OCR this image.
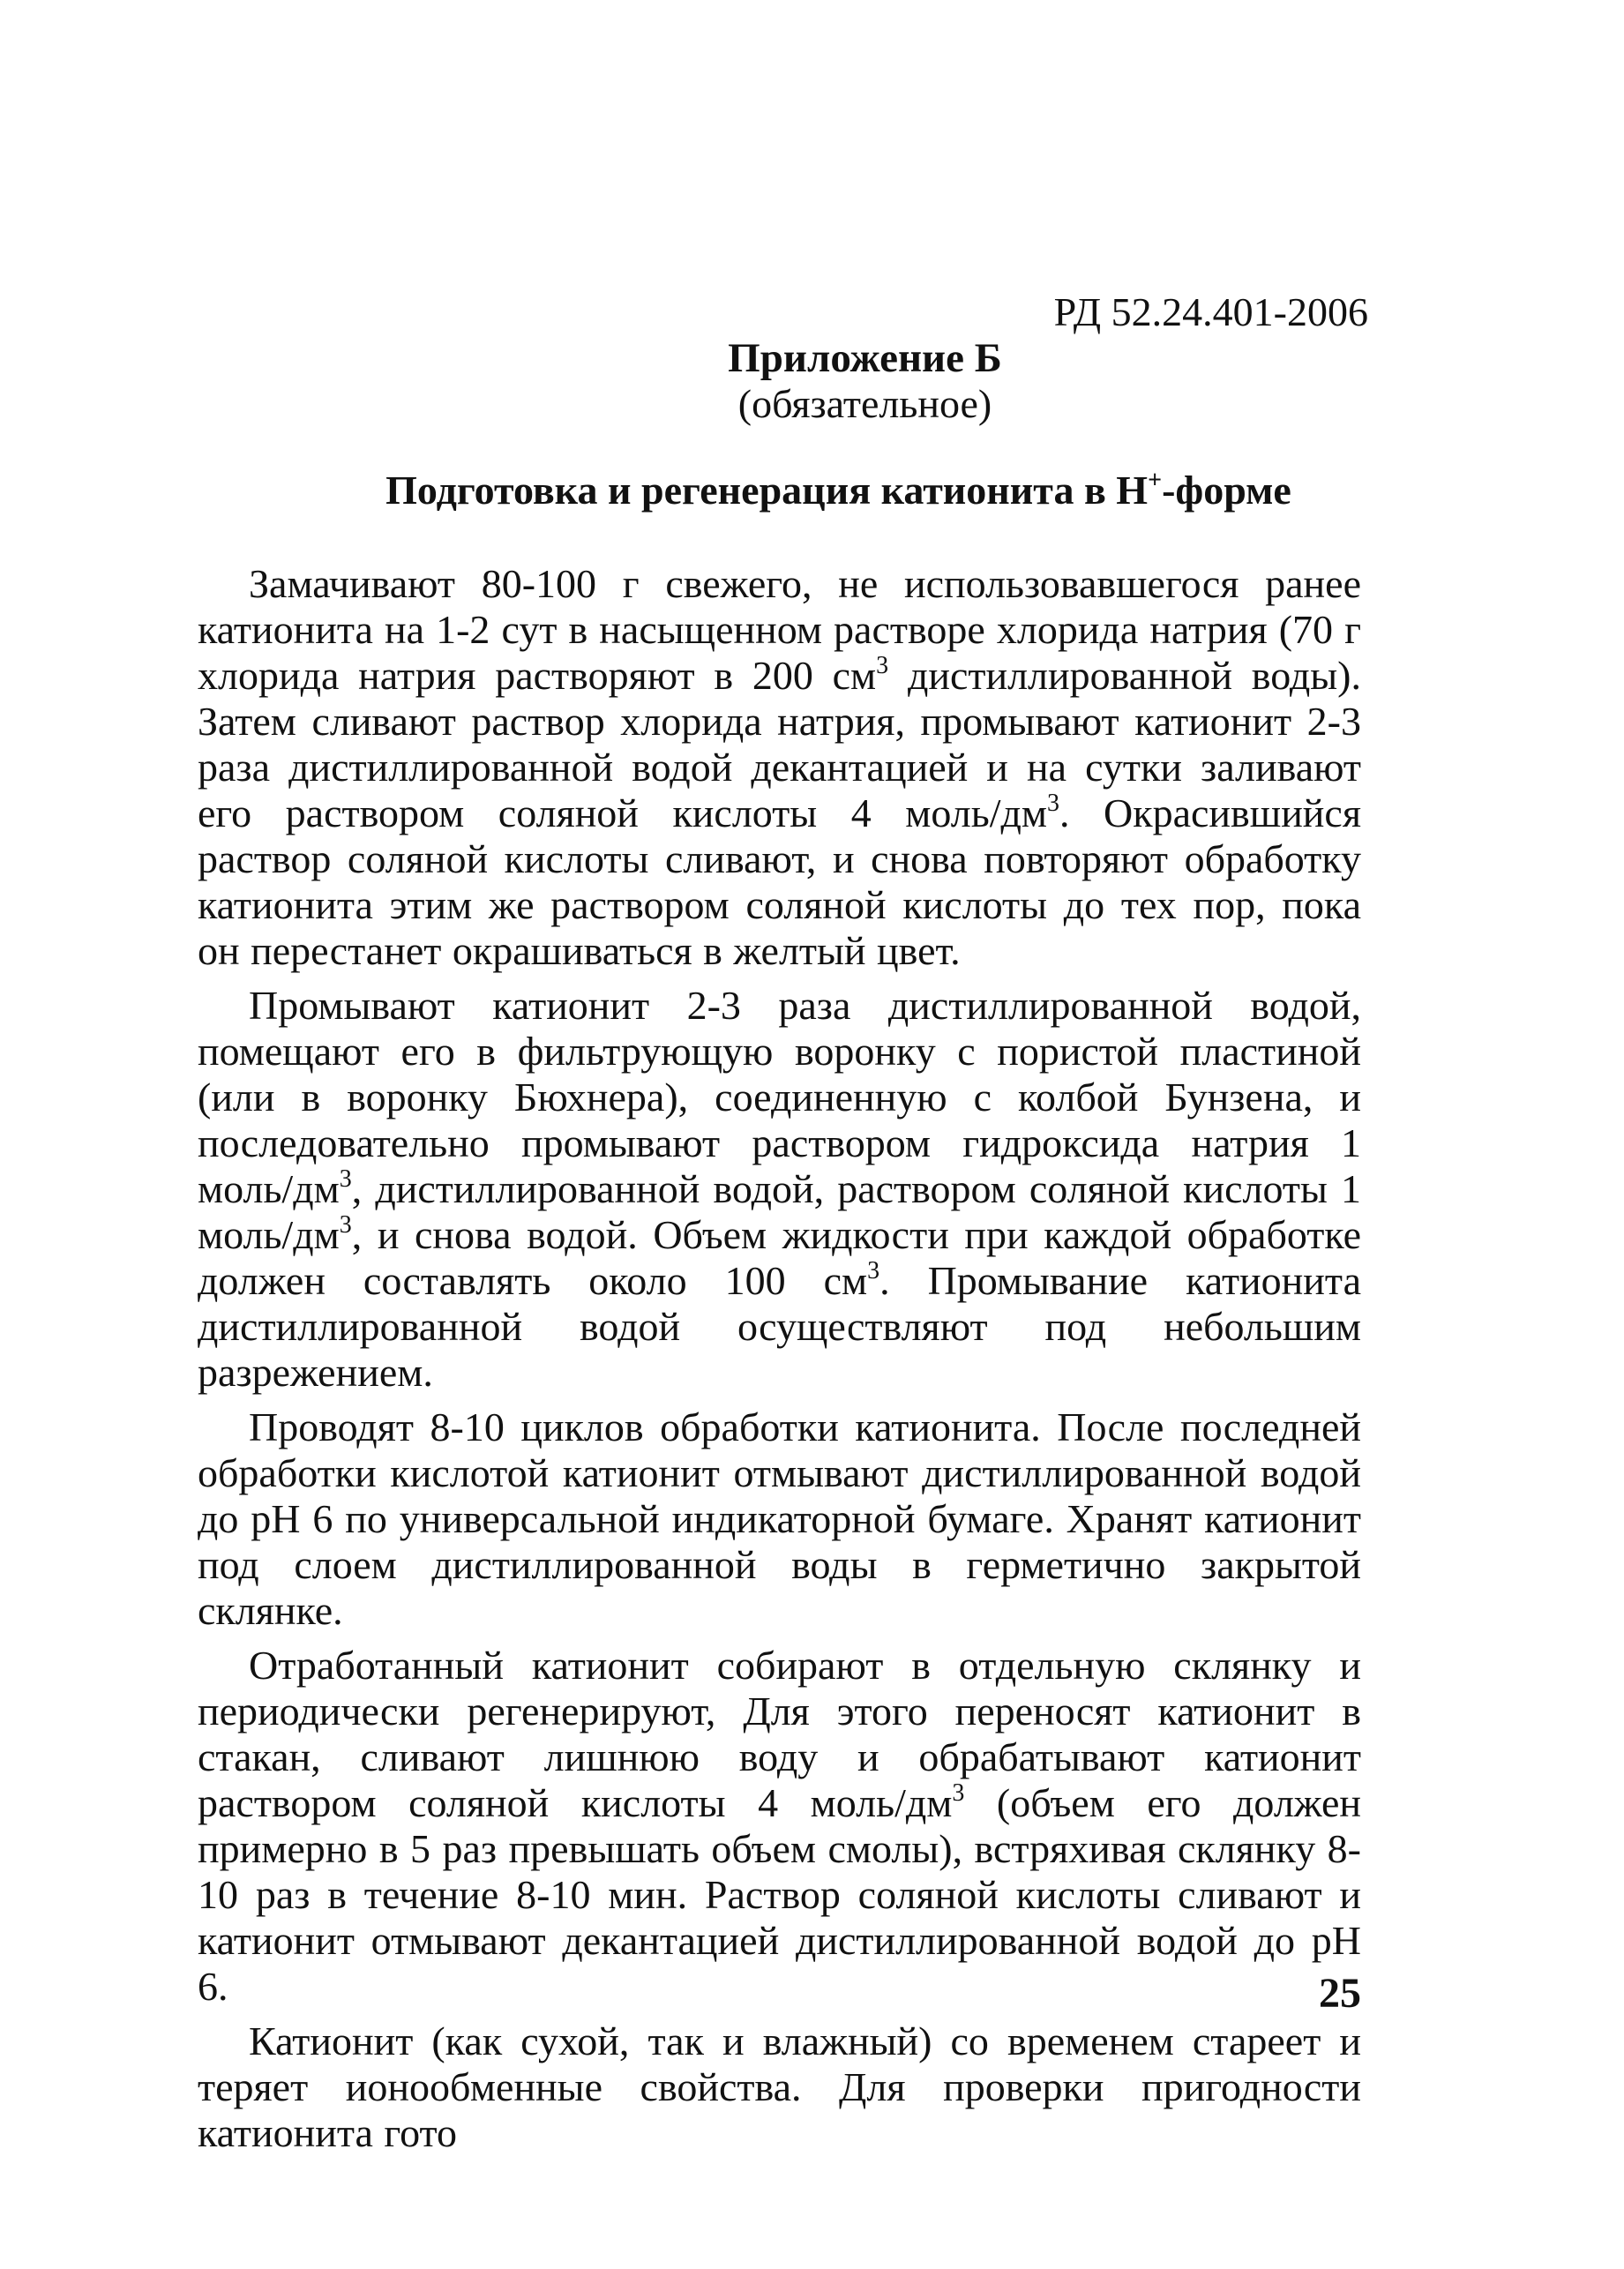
РД 52.24.401-2006
Приложение Б
(обязательное)
Подготовка и регенерация катионита в Н+-форме

Замачивают 80-100 г свежего, не использовавшегося ранее катионита на 1-2 сут в насыщенном растворе хлорида натрия (70 г хлорида натрия растворяют в 200 $см^3$ дистиллированной воды). Затем сливают раствор хлорида натрия, промывают катионит 2-3 раза дистиллированной водой декантацией и на сутки заливают его раствором соляной кислоты 4 моль/$дм^3$. Окрасившийся раствор соляной кислоты сливают, и снова повторяют обработку катионита этим же раствором соляной кислоты до тех пор, пока он перестанет окрашиваться в желтый цвет.

Промывают катионит 2-3 раза дистиллированной водой, помещают его в фильтрующую воронку с пористой пластиной (или в воронку Бюхнера), соединенную с колбой Бунзена, и последовательно промывают раствором гидроксида натрия 1 моль/$дм^3$, дистиллированной водой, раствором соляной кислоты 1 моль/$дм^3$, и снова водой. Объем жидкости при каждой обработке должен составлять около 100 $см^3$. Промывание катионита дистиллированной водой осуществляют под небольшим разрежением.

Проводят 8-10 циклов обработки катионита. После последней обработки кислотой катионит отмывают дистиллированной водой до рН 6 по универсальной индикаторной бумаге. Хранят катионит под слоем дистиллированной воды в герметично закрытой склянке.

Отработанный катионит собирают в отдельную склянку и периодически регенерируют, Для этого переносят катионит в стакан, сливают лишнюю воду и обрабатывают катионит раствором соляной кислоты 4 моль/$дм^3$ (объем его должен примерно в 5 раз превышать объем смолы), встряхивая склянку 8-10 раз в течение 8-10 мин. Раствор соляной кислоты сливают и катионит отмывают декантацией дистиллированной водой до рН 6.

Катионит (как сухой, так и влажный) со временем стареет и теряет ионообменные свойства. Для проверки пригодности катионита гото

25
